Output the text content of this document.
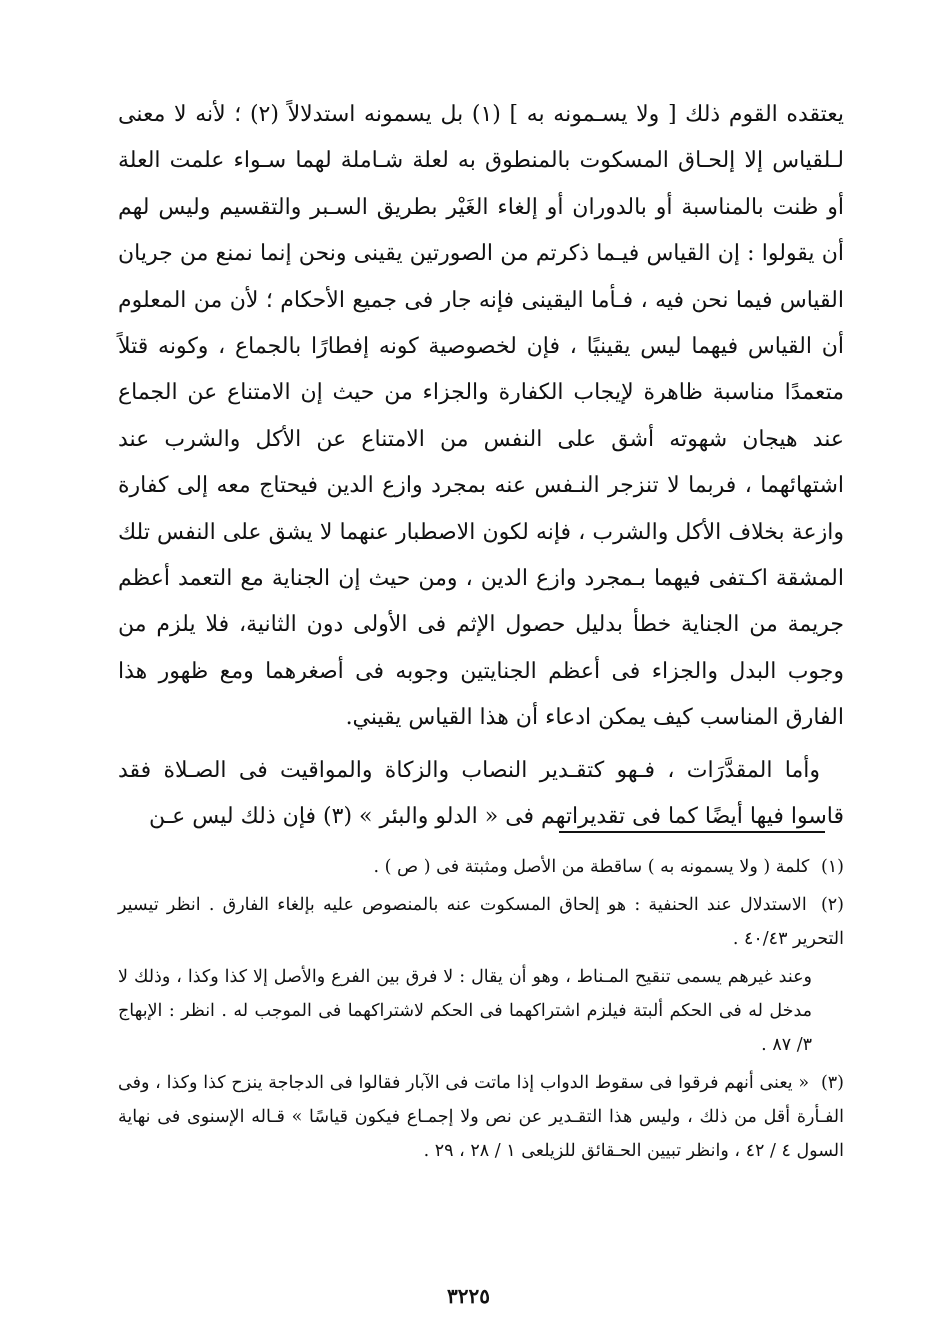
يعتقده القوم ذلك [ ولا يسـمونه به ] (١) بل يسمونه استدلالاً (٢) ؛ لأنه لا معنى لـلقياس إلا إلحـاق المسكوت بالمنطوق به لعلة شـاملة لهما سـواء علمت العلة أو ظنت بالمناسبة أو بالدوران أو إلغاء الغَيْر بطريق السـبر والتقسيم وليس لهم أن يقولوا : إن القياس فيـما ذكرتم من الصورتين يقينى ونحن إنما نمنع من جريان القياس فيما نحن فيه ، فـأما اليقينى فإنه جار فى جميع الأحكام ؛ لأن من المعلوم أن القياس فيهما ليس يقينيًا ، فإن لخصوصية كونه إفطارًا بالجماع ، وكونه قتلاً متعمدًا مناسبة ظاهرة لإيجاب الكفارة والجزاء من حيث إن الامتناع عن الجماع عند هيجان شهوته أشق على النفس من الامتناع عن الأكل والشرب عند اشتهائهما ، فربما لا تنزجر النـفس عنه بمجرد وازع الدين فيحتاج معه إلى كفارة وازعة بخلاف الأكل والشرب ، فإنه لكون الاصطبار عنهما لا يشق على النفس تلك المشقة اكـتفى فيهما بـمجرد وازع الدين ، ومن حيث إن الجناية مع التعمد أعظم جريمة من الجناية خطأ بدليل حصول الإثم فى الأولى دون الثانية، فلا يلزم من وجوب البدل والجزاء فى أعظم الجنايتين وجوبه فى أصغرهما ومع ظهور هذا الفارق المناسب كيف يمكن ادعاء أن هذا القياس يقيني.

وأما المقدَّرَات ، فـهو كتقـدير النصاب والزكاة والمواقيت فى الصـلاة فقد قاسوا فيها أيضًا كما فى تقديراتهم فى « الدلو والبئر » (٣) فإن ذلك ليس عـن

(١) كلمة ( ولا يسمونه به ) ساقطة من الأصل ومثبتة فى ( ص ) .

(٢) الاستدلال عند الحنفية : هو إلحاق المسكوت عنه بالمنصوص عليه بإلغاء الفارق . انظر تيسير التحرير ٤٠/٤٣ .

وعند غيرهم يسمى تنقيح المـناط ، وهو أن يقال : لا فرق بين الفرع والأصل إلا كذا وكذا ، وذلك لا مدخل له فى الحكم ألبتة فيلزم اشتراكهما فى الحكم لاشتراكهما فى الموجب له . انظر : الإبهاج ٣/ ٨٧ .

(٣) « يعنى أنهم فرقوا فى سقوط الدواب إذا ماتت فى الآبار فقالوا فى الدجاجة ينزح كذا وكذا ، وفى الفـأرة أقل من ذلك ، وليس هذا التقـدير عن نص ولا إجمـاع فيكون قياسًا » قـاله الإسنوى فى نهاية السول ٤ / ٤٢ ، وانظر تبيين الحـقائق للزيلعى ١ / ٢٨ ، ٢٩ .

٣٢٢٥
